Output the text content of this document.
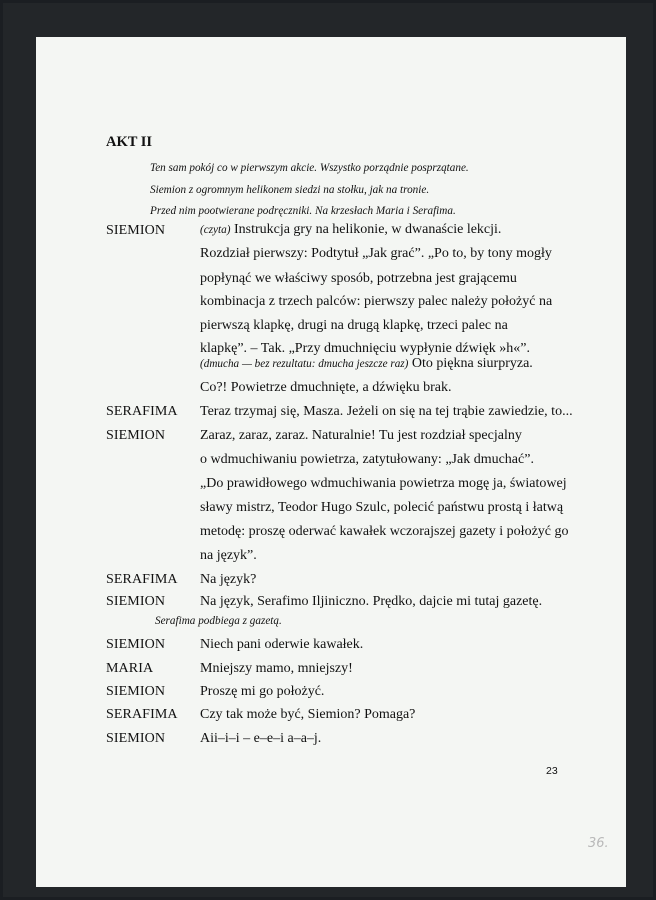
AKT II
Ten sam pokój co w pierwszym akcie. Wszystko porządnie posprzątane.
Siemion z ogromnym helikonem siedzi na stołku, jak na tronie.
Przed nim pootwierane podręczniki. Na krzesłach Maria i Serafima.
SIEMION	(czyta) Instrukcja gry na helikonie, w dwanaście lekcji.
Rozdział pierwszy: Podtytuł „Jak grać”. „Po to, by tony mogły
popłynąć we właściwy sposób, potrzebna jest grającemu
kombinacja z trzech palców: pierwszy palec należy położyć na
pierwszą klapkę, drugi na drugą klapkę, trzeci palec na
klapkę”. – Tak. „Przy dmuchnięciu wypłynie dźwięk »h«”.
(dmucha — bez rezultatu: dmucha jeszcze raz) Oto piękna siurpryza.
Co?! Powietrze dmuchnięte, a dźwięku brak.
SERAFIMA Teraz trzymaj się, Masza. Jeżeli on się na tej trąbie zawiedzie, to...
SIEMION Zaraz, zaraz, zaraz. Naturalnie! Tu jest rozdział specjalny
o wdmuchiwaniu powietrza, zatytułowany: „Jak dmuchać”.
„Do prawidłowego wdmuchiwania powietrza mogę ja, światowej
sławy mistrz, Teodor Hugo Szulc, polecić państwu prostą i łatwą
metodę: proszę oderwać kawałek wczorajszej gazety i położyć go
na język”.
SERAFIMA Na język?
SIEMION Na język, Serafimo Iljiniczno. Prędko, dajcie mi tutaj gazetę.
Serafima podbiega z gazetą.
SIEMION Niech pani oderwie kawałek.
MARIA	Mniejszy mamo, mniejszy!
SIEMION Proszę mi go położyć.
SERAFIMA Czy tak może być, Siemion? Pomaga?
SIEMION Aii–i–i – e–e–i a–a–j.
23
36.
